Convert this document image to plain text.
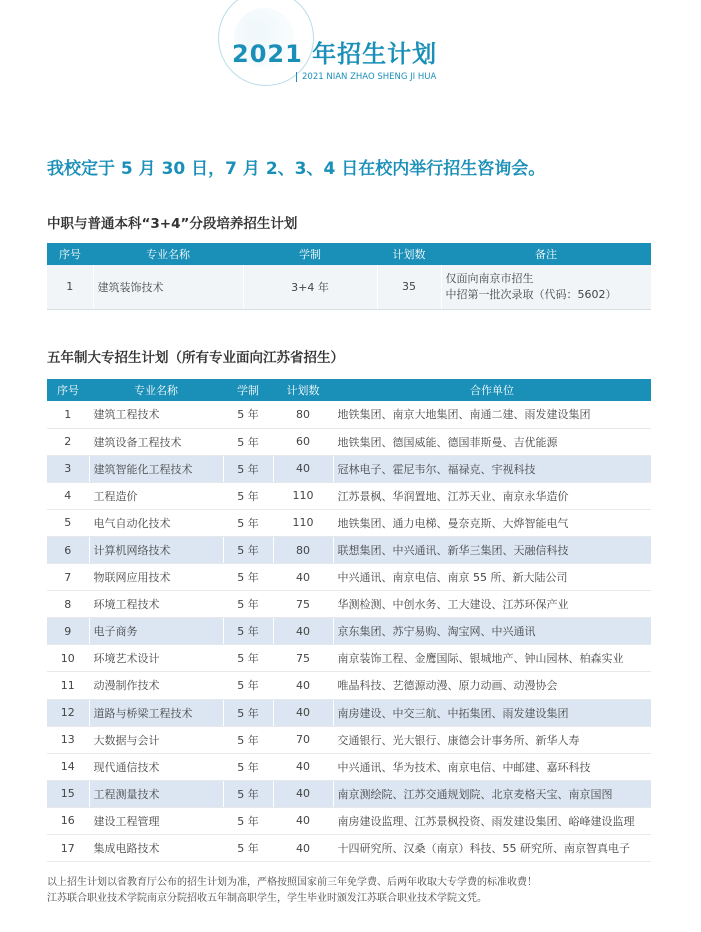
2021 年招生计划
2021 NIAN ZHAO SHENG JI HUA
我校定于 5 月 30 日，7 月 2、3、4 日在校内举行招生咨询会。
中职与普通本科“3+4”分段培养招生计划
序号	专业名称	学制	计划数	备注
1	建筑装饰技术	3+4 年	35	仅面向南京市招生
中招第一批次录取（代码：5602）
五年制大专招生计划（所有专业面向江苏省招生）
序号	专业名称	学制	计划数	合作单位
1	建筑工程技术	5 年	80	地铁集团、南京大地集团、南通二建、雨发建设集团
2	建筑设备工程技术	5 年	60	地铁集团、德国威能、德国菲斯曼、吉优能源
3	建筑智能化工程技术	5 年	40	冠林电子、霍尼韦尔、福禄克、宇视科技
4	工程造价	5 年	110	江苏景枫、华润置地、江苏天业、南京永华造价
5	电气自动化技术	5 年	110	地铁集团、通力电梯、曼奈克斯、大烨智能电气
6	计算机网络技术	5 年	80	联想集团、中兴通讯、新华三集团、天融信科技
7	物联网应用技术	5 年	40	中兴通讯、南京电信、南京 55 所、新大陆公司
8	环境工程技术	5 年	75	华测检测、中创水务、工大建设、江苏环保产业
9	电子商务	5 年	40	京东集团、苏宁易购、淘宝网、中兴通讯
10	环境艺术设计	5 年	75	南京装饰工程、金鹰国际、银城地产、钟山园林、柏森实业
11	动漫制作技术	5 年	40	唯晶科技、艺德源动漫、原力动画、动漫协会
12	道路与桥梁工程技术	5 年	40	南房建设、中交三航、中拓集团、雨发建设集团
13	大数据与会计	5 年	70	交通银行、光大银行、康德会计事务所、新华人寿
14	现代通信技术	5 年	40	中兴通讯、华为技术、南京电信、中邮建、嘉环科技
15	工程测量技术	5 年	40	南京测绘院、江苏交通规划院、北京麦格天宝、南京国图
16	建设工程管理	5 年	40	南房建设监理、江苏景枫投资、雨发建设集团、峪峰建设监理
17	集成电路技术	5 年	40	十四研究所、汉桑（南京）科技、55 研究所、南京智真电子
以上招生计划以省教育厅公布的招生计划为准，严格按照国家前三年免学费、后两年收取大专学费的标准收费！
江苏联合职业技术学院南京分院招收五年制高职学生，学生毕业时颁发江苏联合职业技术学院文凭。
